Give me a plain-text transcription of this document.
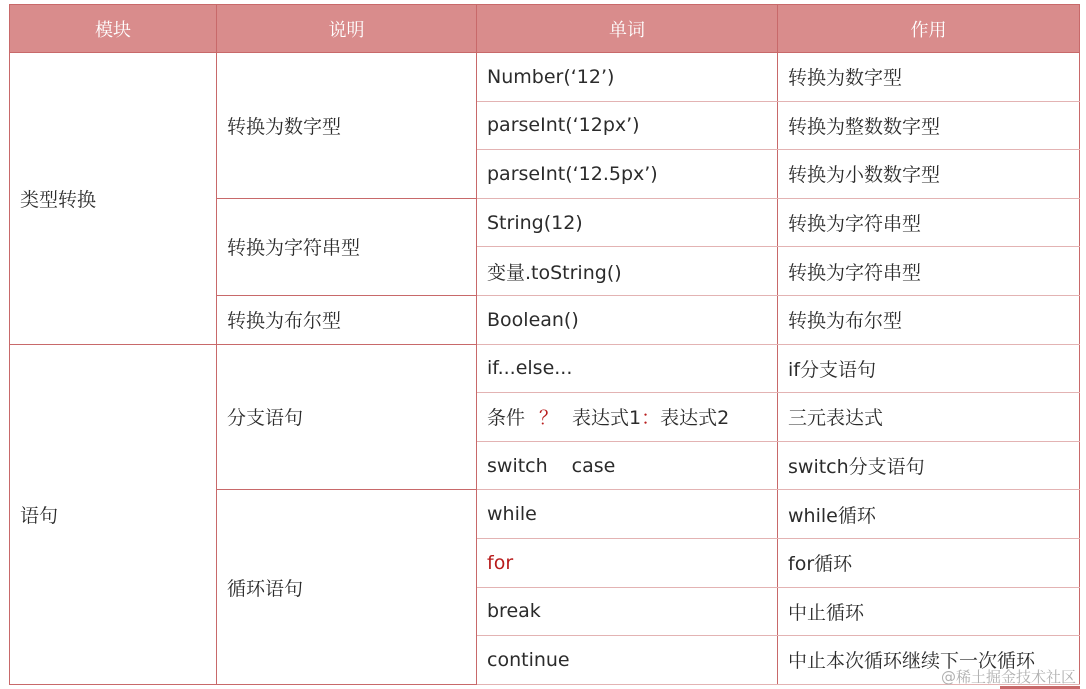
模块	说明	单词	作用
类型转换	转换为数字型	Number(‘12’)	转换为数字型
		parseInt(‘12px’)	转换为整数数字型
		parseInt(‘12.5px’)	转换为小数数字型
	转换为字符串型	String(12)	转换为字符串型
		变量.toString()	转换为字符串型
	转换为布尔型	Boolean()	转换为布尔型
语句	分支语句	if...else...	if分支语句
		条件 ？ 表达式1：表达式2	三元表达式
		switch case	switch分支语句
	循环语句	while	while循环
		for	for循环
		break	中止循环
		continue	中止本次循环继续下一次循环
@稀土掘金技术社区
